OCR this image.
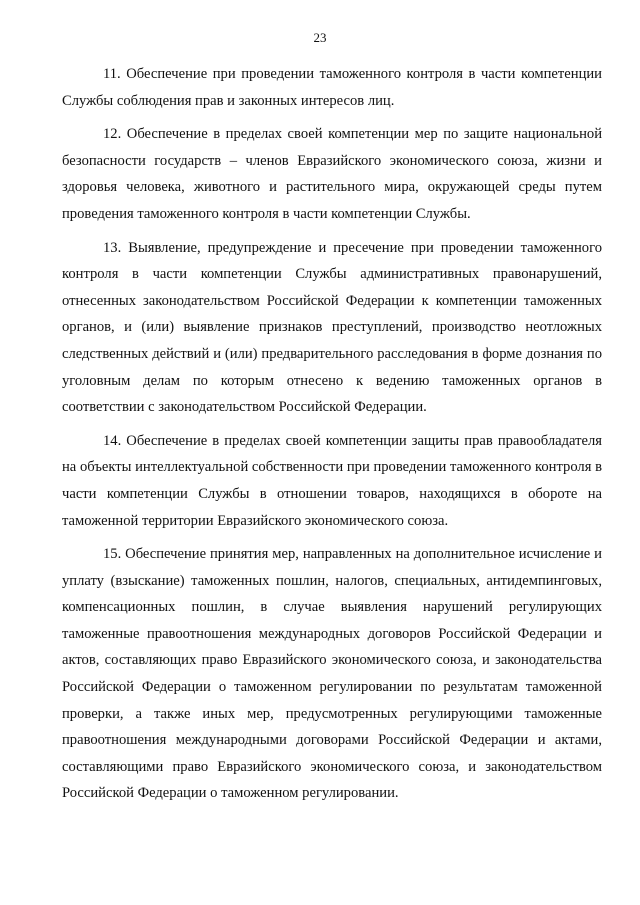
23

11. Обеспечение при проведении таможенного контроля в части компетенции Службы соблюдения прав и законных интересов лиц.

12. Обеспечение в пределах своей компетенции мер по защите национальной безопасности государств – членов Евразийского экономического союза, жизни и здоровья человека, животного и растительного мира, окружающей среды путем проведения таможенного контроля в части компетенции Службы.

13. Выявление, предупреждение и пресечение при проведении таможенного контроля в части компетенции Службы административных правонарушений, отнесенных законодательством Российской Федерации к компетенции таможенных органов, и (или) выявление признаков преступлений, производство неотложных следственных действий и (или) предварительного расследования в форме дознания по уголовным делам по которым отнесено к ведению таможенных органов в соответствии с законодательством Российской Федерации.

14. Обеспечение в пределах своей компетенции защиты прав правообладателя на объекты интеллектуальной собственности при проведении таможенного контроля в части компетенции Службы в отношении товаров, находящихся в обороте на таможенной территории Евразийского экономического союза.

15. Обеспечение принятия мер, направленных на дополнительное исчисление и уплату (взыскание) таможенных пошлин, налогов, специальных, антидемпинговых, компенсационных пошлин, в случае выявления нарушений регулирующих таможенные правоотношения международных договоров Российской Федерации и актов, составляющих право Евразийского экономического союза, и законодательства Российской Федерации о таможенном регулировании по результатам таможенной проверки, а также иных мер, предусмотренных регулирующими таможенные правоотношения международными договорами Российской Федерации и актами, составляющими право Евразийского экономического союза, и законодательством Российской Федерации о таможенном регулировании.
